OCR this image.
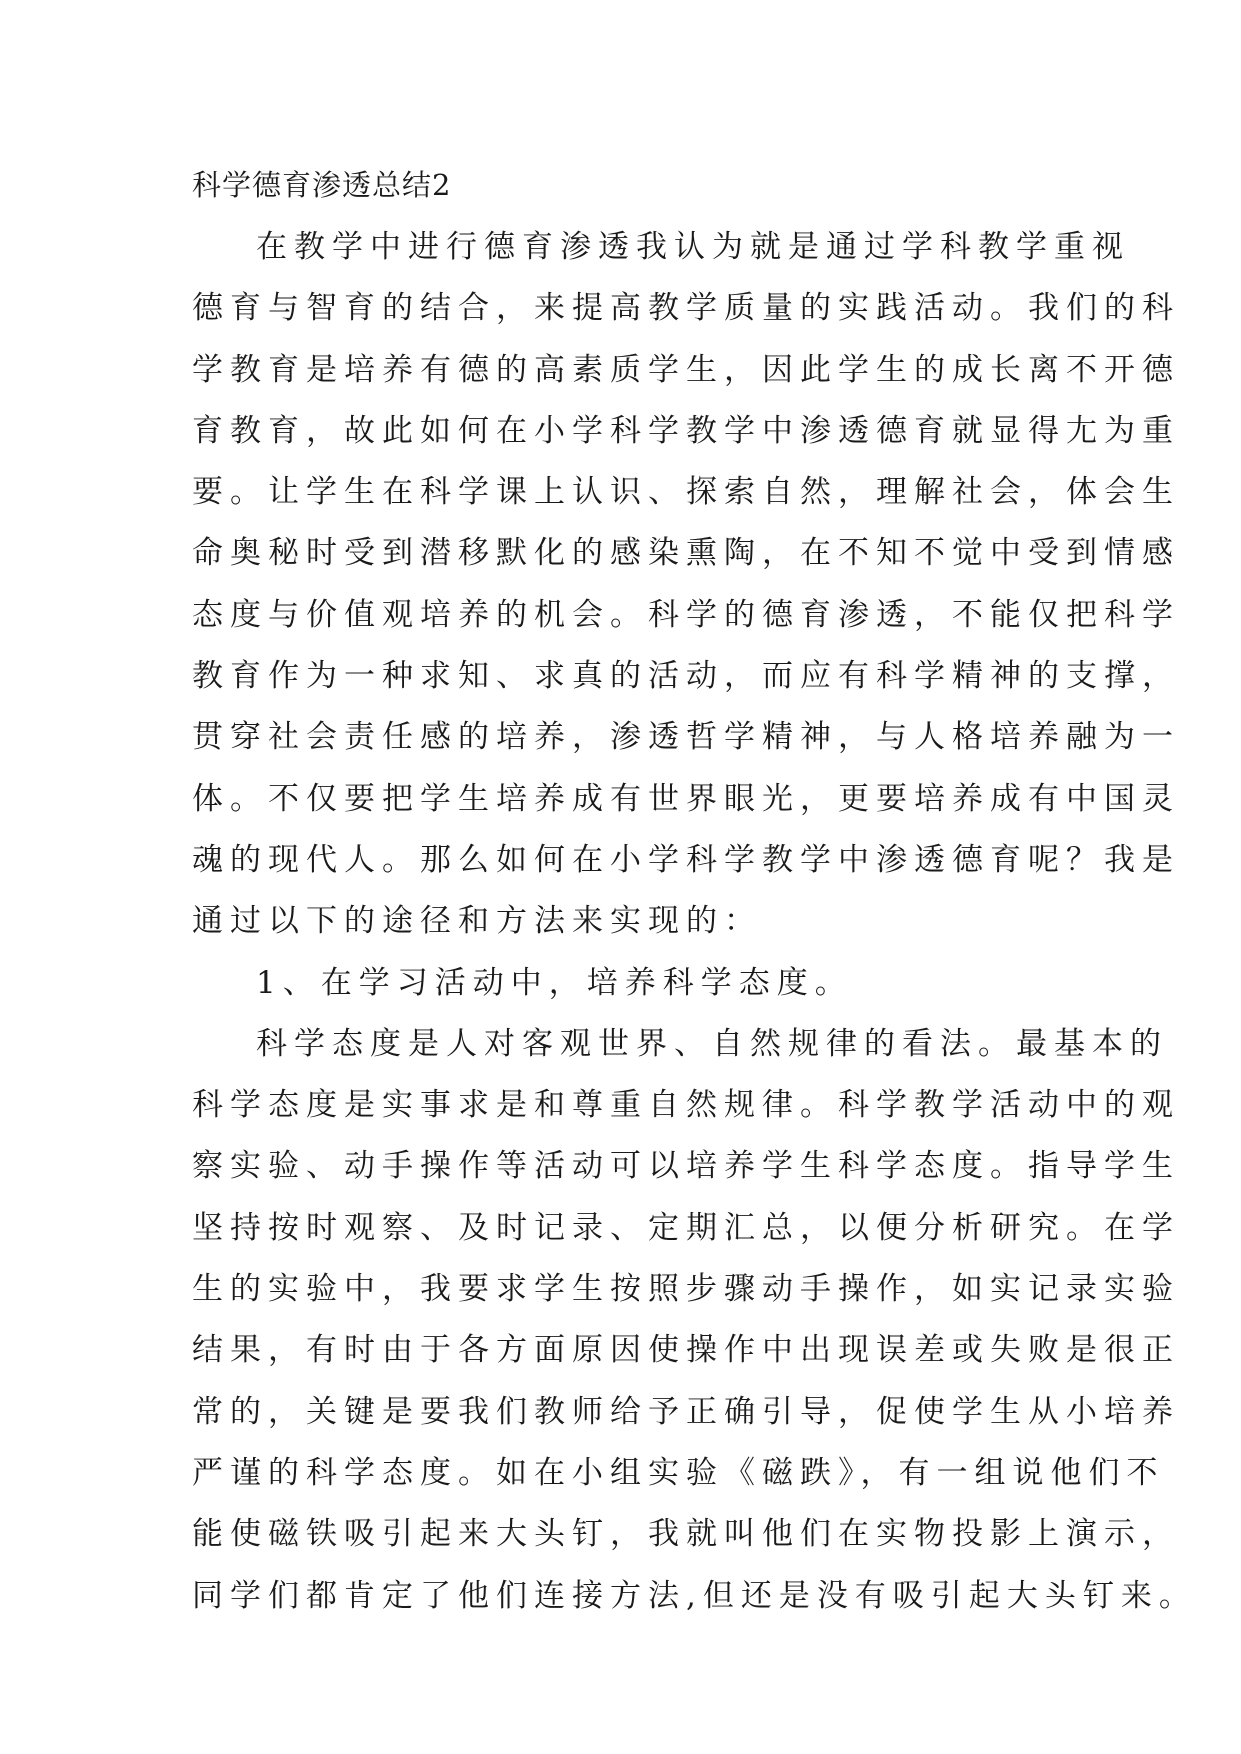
科学德育渗透总结2
在教学中进行德育渗透我认为就是通过学科教学重视
德育与智育的结合，来提高教学质量的实践活动。我们的科
学教育是培养有德的高素质学生，因此学生的成长离不开德
育教育，故此如何在小学科学教学中渗透德育就显得尢为重
要。让学生在科学课上认识、探索自然，理解社会，体会生
命奥秘时受到潜移默化的感染熏陶，在不知不觉中受到情感
态度与价值观培养的机会。科学的德育渗透，不能仅把科学
教育作为一种求知、求真的活动，而应有科学精神的支撑，
贯穿社会责任感的培养，渗透哲学精神，与人格培养融为一
体。不仅要把学生培养成有世界眼光，更要培养成有中国灵
魂的现代人。那么如何在小学科学教学中渗透德育呢？我是
通过以下的途径和方法来实现的：
1、在学习活动中，培养科学态度。
科学态度是人对客观世界、自然规律的看法。最基本的
科学态度是实事求是和尊重自然规律。科学教学活动中的观
察实验、动手操作等活动可以培养学生科学态度。指导学生
坚持按时观察、及时记录、定期汇总，以便分析研究。在学
生的实验中，我要求学生按照步骤动手操作，如实记录实验
结果，有时由于各方面原因使操作中出现误差或失败是很正
常的，关键是要我们教师给予正确引导，促使学生从小培养
严谨的科学态度。如在小组实验《磁跌》，有一组说他们不
能使磁铁吸引起来大头钉，我就叫他们在实物投影上演示，
同学们都肯定了他们连接方法,但还是没有吸引起大头钉来。
